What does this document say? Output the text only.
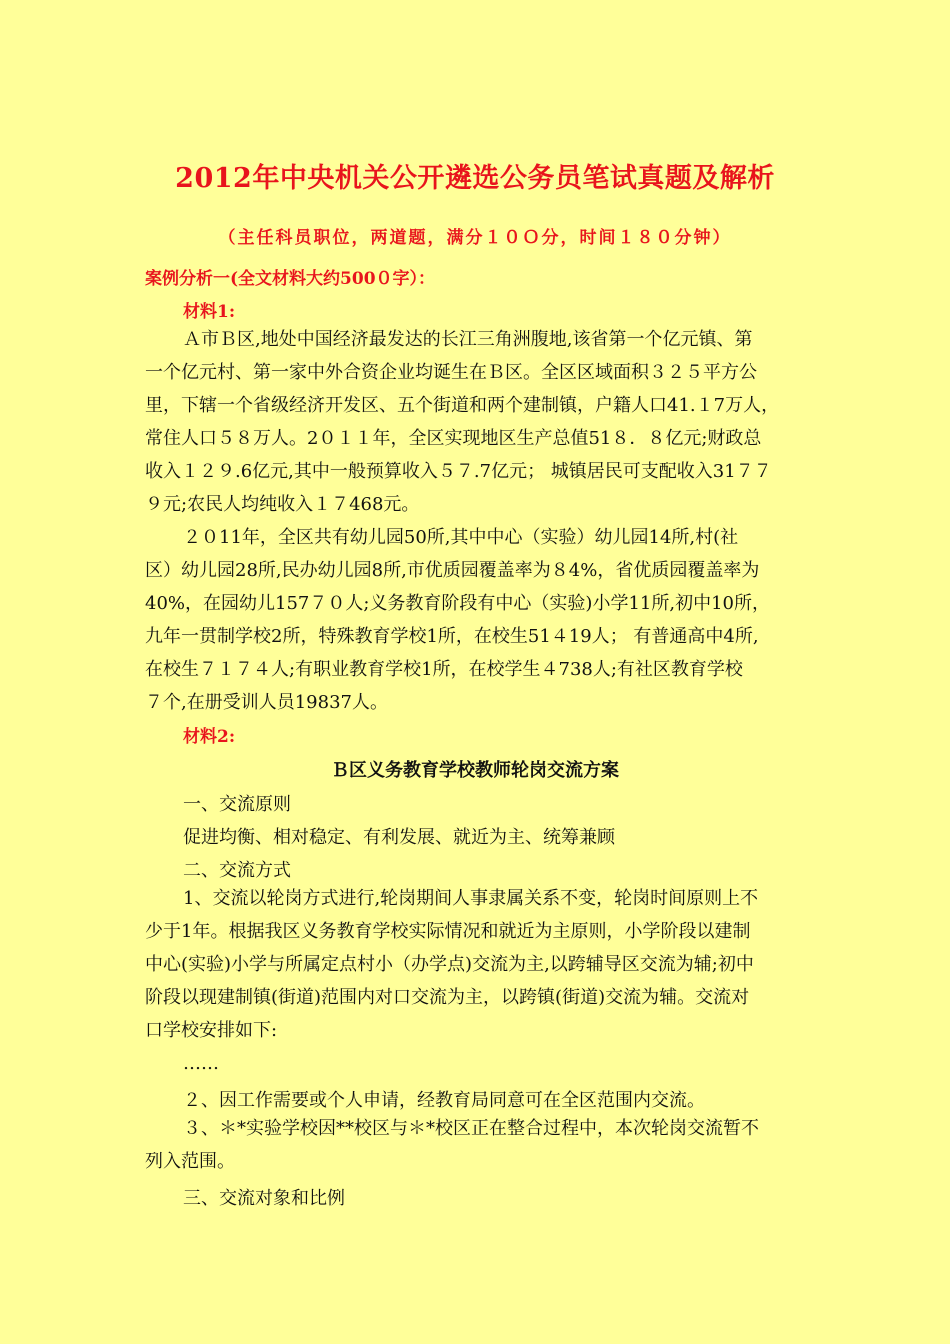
2012年中央机关公开遴选公务员笔试真题及解析
（主任科员职位，两道题，满分１０Ｏ分，时间１８０分钟）
案例分析一(全文材料大约500０字）：
材料1:
Ａ市Ｂ区,地处中国经济最发达的长江三角洲腹地,该省第一个亿元镇、第
一个亿元村、第一家中外合资企业均诞生在Ｂ区。全区区域面积３２５平方公
里，下辖一个省级经济开发区、五个街道和两个建制镇，户籍人口41.１7万人，
常住人口５８万人。2０１１年，全区实现地区生产总值51８．８亿元;财政总
收入１２９.6亿元,其中一般预算收入５７.7亿元； 城镇居民可支配收入31７７
９元;农民人均纯收入１７468元。
２０11年，全区共有幼儿园50所,其中中心（实验）幼儿园14所,村(社
区）幼儿园28所,民办幼儿园8所,市优质园覆盖率为８4%，省优质园覆盖率为
40%，在园幼儿157７０人;义务教育阶段有中心（实验)小学11所,初中10所，
九年一贯制学校2所，特殊教育学校1所，在校生51４19人； 有普通高中4所,
在校生７１７４人;有职业教育学校1所，在校学生４738人;有社区教育学校
７个,在册受训人员19837人。
材料2:
Ｂ区义务教育学校教师轮岗交流方案
一、交流原则
促进均衡、相对稳定、有利发展、就近为主、统筹兼顾
二、交流方式
1、交流以轮岗方式进行,轮岗期间人事隶属关系不变，轮岗时间原则上不
少于1年。根据我区义务教育学校实际情况和就近为主原则，小学阶段以建制
中心(实验)小学与所属定点村小（办学点)交流为主,以跨辅导区交流为辅;初中
阶段以现建制镇(街道)范围内对口交流为主，以跨镇(街道)交流为辅。交流对
口学校安排如下:
……
２、因工作需要或个人申请，经教育局同意可在全区范围内交流。
３、＊*实验学校因**校区与＊*校区正在整合过程中，本次轮岗交流暂不
列入范围。
三、交流对象和比例
